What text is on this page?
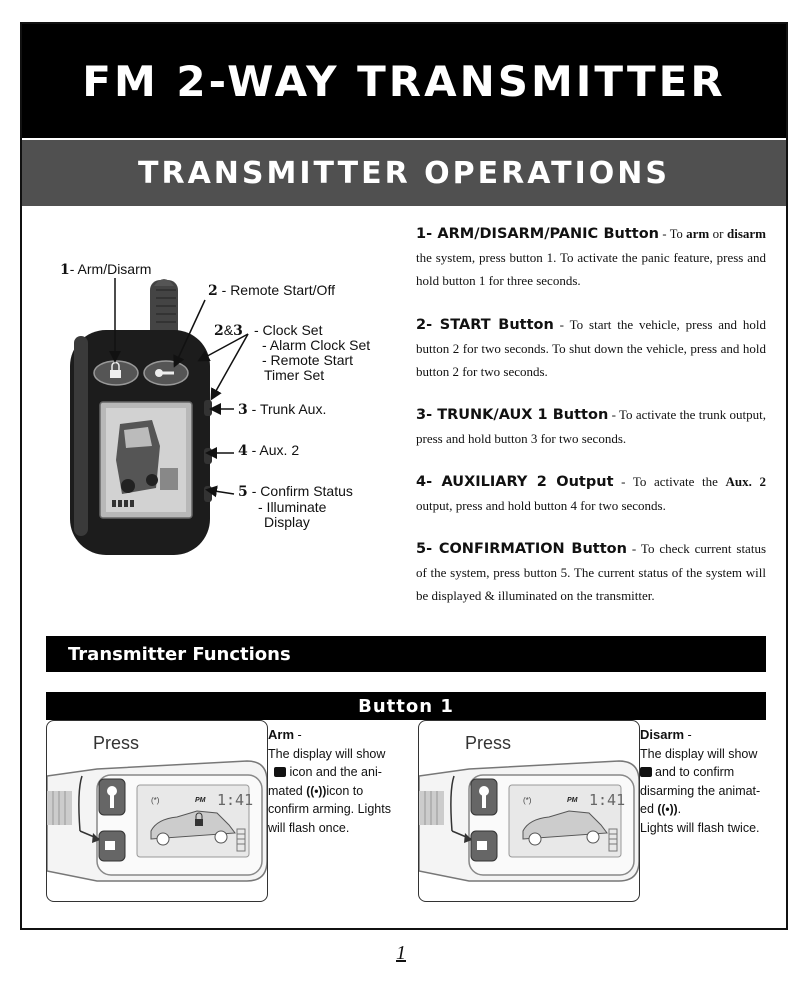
FM 2-WAY TRANSMITTER
TRANSMITTER OPERATIONS
1- Arm/Disarm
2 - Remote Start/Off
2&3 - Clock Set
- Alarm Clock Set
- Remote Start
Timer Set
3 - Trunk Aux.
4 - Aux. 2
5 - Confirm Status
- Illuminate
Display
1- ARM/DISARM/PANIC Button - To arm or disarm the system, press button 1. To activate the panic feature, press and hold button 1 for three seconds.
2- START Button - To start the vehicle, press and hold button 2 for two seconds. To shut down the vehicle, press and hold button 2 for two seconds.
3- TRUNK/AUX 1 Button - To activate the trunk output, press and hold button 3 for two seconds.
4- AUXILIARY 2 Output - To activate the Aux. 2 output, press and hold button 4 for two seconds.
5- CONFIRMATION Button - To check current status of the system, press button 5. The current status of the system will be displayed & illuminated on the transmitter.
Transmitter Functions
Button 1
(*)	PM 1:41
Press	Arm -
The display will show
icon and the ani-
mated ((•))icon to
confirm arming. Lights
will flash once.
(*)	PM 1:41
Press	Disarm -
The display will show
and to confirm
disarming the animat-
ed ((•)).
Lights will flash twice.
1
